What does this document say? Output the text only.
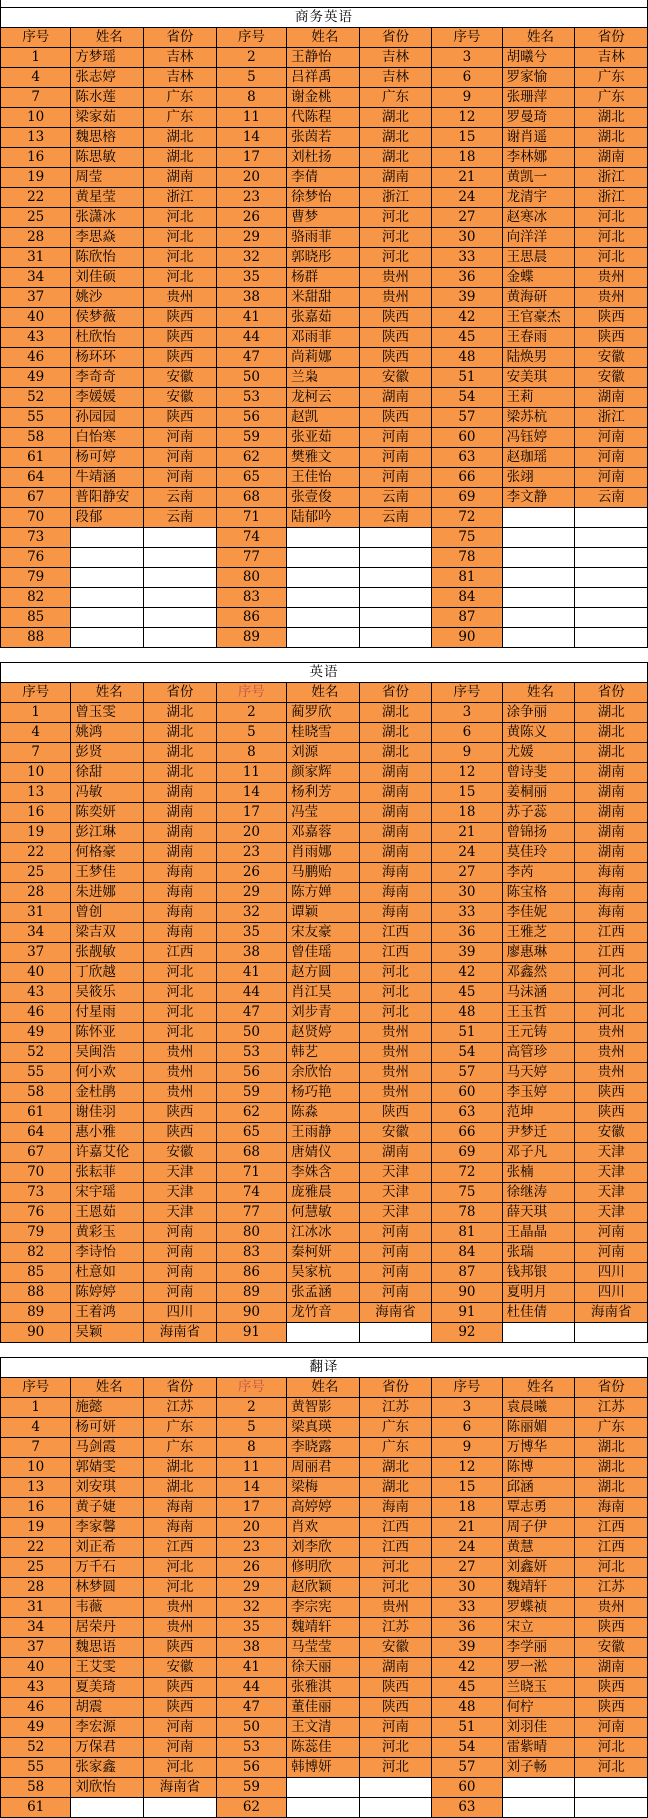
商务英语								
序号	姓名	省份	序号	姓名	省份	序号	姓名	省份
1	方梦瑶	吉林	2	王静怡	吉林	3	胡曦兮	吉林
4	张志婷	吉林	5	吕祥禹	吉林	6	罗家愉	广东
7	陈水莲	广东	8	谢金桃	广东	9	张珊萍	广东
10	梁家茹	广东	11	代陈程	湖北	12	罗曼琦	湖北
13	魏思榕	湖北	14	张茵若	湖北	15	谢肖遥	湖北
16	陈思敏	湖北	17	刘杜扬	湖北	18	李林娜	湖南
19	周莹	湖南	20	李倩	湖南	21	黄凯一	浙江
22	黄星莹	浙江	23	徐梦怡	浙江	24	龙清宇	浙江
25	张潇冰	河北	26	曹梦	河北	27	赵寒冰	河北
28	李思焱	河北	29	骆雨菲	河北	30	向洋洋	河北
31	陈欣怡	河北	32	郭晓彤	河北	33	王思晨	河北
34	刘佳硕	河北	35	杨群	贵州	36	金蝶	贵州
37	姚沙	贵州	38	米甜甜	贵州	39	黄海研	贵州
40	侯梦薇	陕西	41	张嘉茹	陕西	42	王官豪杰	陕西
43	杜欣怡	陕西	44	邓雨菲	陕西	45	王春雨	陕西
46	杨环环	陕西	47	尚莉娜	陕西	48	陆焕男	安徽
49	李奇奇	安徽	50	兰枭	安徽	51	安美琪	安徽
52	李媛媛	安徽	53	龙柯云	湖南	54	王莉	湖南
55	孙园园	陕西	56	赵凯	陕西	57	梁苏杭	浙江
58	白怡寒	河南	59	张亚茹	河南	60	冯钰婷	河南
61	杨可婷	河南	62	樊雅文	河南	63	赵珈瑶	河南
64	牛靖涵	河南	65	王佳怡	河南	66	张翊	河南
67	普阳静安	云南	68	张壹俊	云南	69	李文静	云南
70	段郁	云南	71	陆郁吟	云南	72		
73			74			75		
76			77			78		
79			80			81		
82			83			84		
85			86			87		
88			89			90		

英语								
序号	姓名	省份	序号	姓名	省份	序号	姓名	省份
1	曾玉雯	湖北	2	蔺罗欣	湖北	3	涂争丽	湖北
4	姚鸿	湖北	5	桂晓雪	湖北	6	黄陈义	湖北
7	彭贤	湖北	8	刘源	湖北	9	尤媛	湖北
10	徐甜	湖北	11	颜家辉	湖南	12	曾诗斐	湖南
13	冯敏	湖南	14	杨利芳	湖南	15	姜桐丽	湖南
16	陈奕妍	湖南	17	冯莹	湖南	18	苏子蕊	湖南
19	彭江琳	湖南	20	邓嘉蓉	湖南	21	曾锦扬	湖南
22	何格豪	湖南	23	肖雨娜	湖南	24	莫佳玲	湖南
25	王梦佳	海南	26	马鹏贻	海南	27	李芮	海南
28	朱进娜	海南	29	陈方婵	海南	30	陈宝格	海南
31	曾创	海南	32	谭颖	海南	33	李佳妮	海南
34	梁吉双	海南	35	宋友豪	江西	36	王雅芝	江西
37	张靓敏	江西	38	曾佳瑶	江西	39	廖惠琳	江西
40	丁欣越	河北	41	赵方圆	河北	42	邓鑫然	河北
43	吴筱乐	河北	44	肖江昊	河北	45	马沫涵	河北
46	付星雨	河北	47	刘步青	河北	48	王玉哲	河北
49	陈怀亚	河北	50	赵贤婷	贵州	51	王元铸	贵州
52	吴闽浩	贵州	53	韩艺	贵州	54	高管珍	贵州
55	何小欢	贵州	56	余欣怡	贵州	57	马天婷	贵州
58	金杜鹃	贵州	59	杨巧艳	贵州	60	李玉婷	陕西
61	谢佳羽	陕西	62	陈淼	陕西	63	范坤	陕西
64	惠小雅	陕西	65	王雨静	安徽	66	尹梦迁	安徽
67	许嘉艾伦	安徽	68	唐婧仪	湖南	69	邓子凡	天津
70	张耘菲	天津	71	李姝含	天津	72	张楠	天津
73	宋宇瑶	天津	74	庞雅晨	天津	75	徐继涛	天津
76	王恩茹	天津	77	何慧敏	天津	78	薛天琪	天津
79	黄彩玉	河南	80	江冰冰	河南	81	王晶晶	河南
82	李诗怡	河南	83	秦柯妍	河南	84	张瑞	河南
85	杜意如	河南	86	吴家杭	河南	87	钱邦银	四川
88	陈婷婷	河南	89	张孟涵	河南	90	夏明月	四川
89	王着鸿	四川	90	龙竹音	海南省	91	杜佳倩	海南省
90	吴颖	海南省	91			92		

翻译								
序号	姓名	省份	序号	姓名	省份	序号	姓名	省份
1	施懿	江苏	2	黄智影	江苏	3	袁晨曦	江苏
4	杨可妍	广东	5	梁真瑛	广东	6	陈丽媚	广东
7	马剑霞	广东	8	李晓露	广东	9	万博华	湖北
10	郭婧雯	湖北	11	周丽君	湖北	12	陈博	湖北
13	刘安琪	湖北	14	梁梅	湖北	15	邱涵	湖北
16	黄子婕	海南	17	高婷婷	海南	18	覃志勇	海南
19	李家馨	海南	20	肖欢	江西	21	周子伊	江西
22	刘正希	江西	23	刘李欣	江西	24	黄慧	江西
25	万千石	河北	26	修明欣	河北	27	刘鑫妍	河北
28	林梦圆	河北	29	赵欣颖	河北	30	魏靖轩	江苏
31	韦薇	贵州	32	李宗宪	贵州	33	罗蝶祯	贵州
34	居荣丹	贵州	35	魏靖轩	江苏	36	宋立	陕西
37	魏思语	陕西	38	马莹莹	安徽	39	李学丽	安徽
40	王艾雯	安徽	41	徐天丽	湖南	42	罗一淞	湖南
43	夏美琦	陕西	44	张雅淇	陕西	45	兰晓玉	陕西
46	胡震	陕西	47	董佳丽	陕西	48	何柠	陕西
49	李宏源	河南	50	王文清	河南	51	刘羽佳	河南
52	万保君	河南	53	陈蕊佳	河北	54	雷紫晴	河北
55	张家鑫	河北	56	韩博妍	河北	57	刘子畅	河北
58	刘欣怡	海南省	59			60		
61			62			63		
